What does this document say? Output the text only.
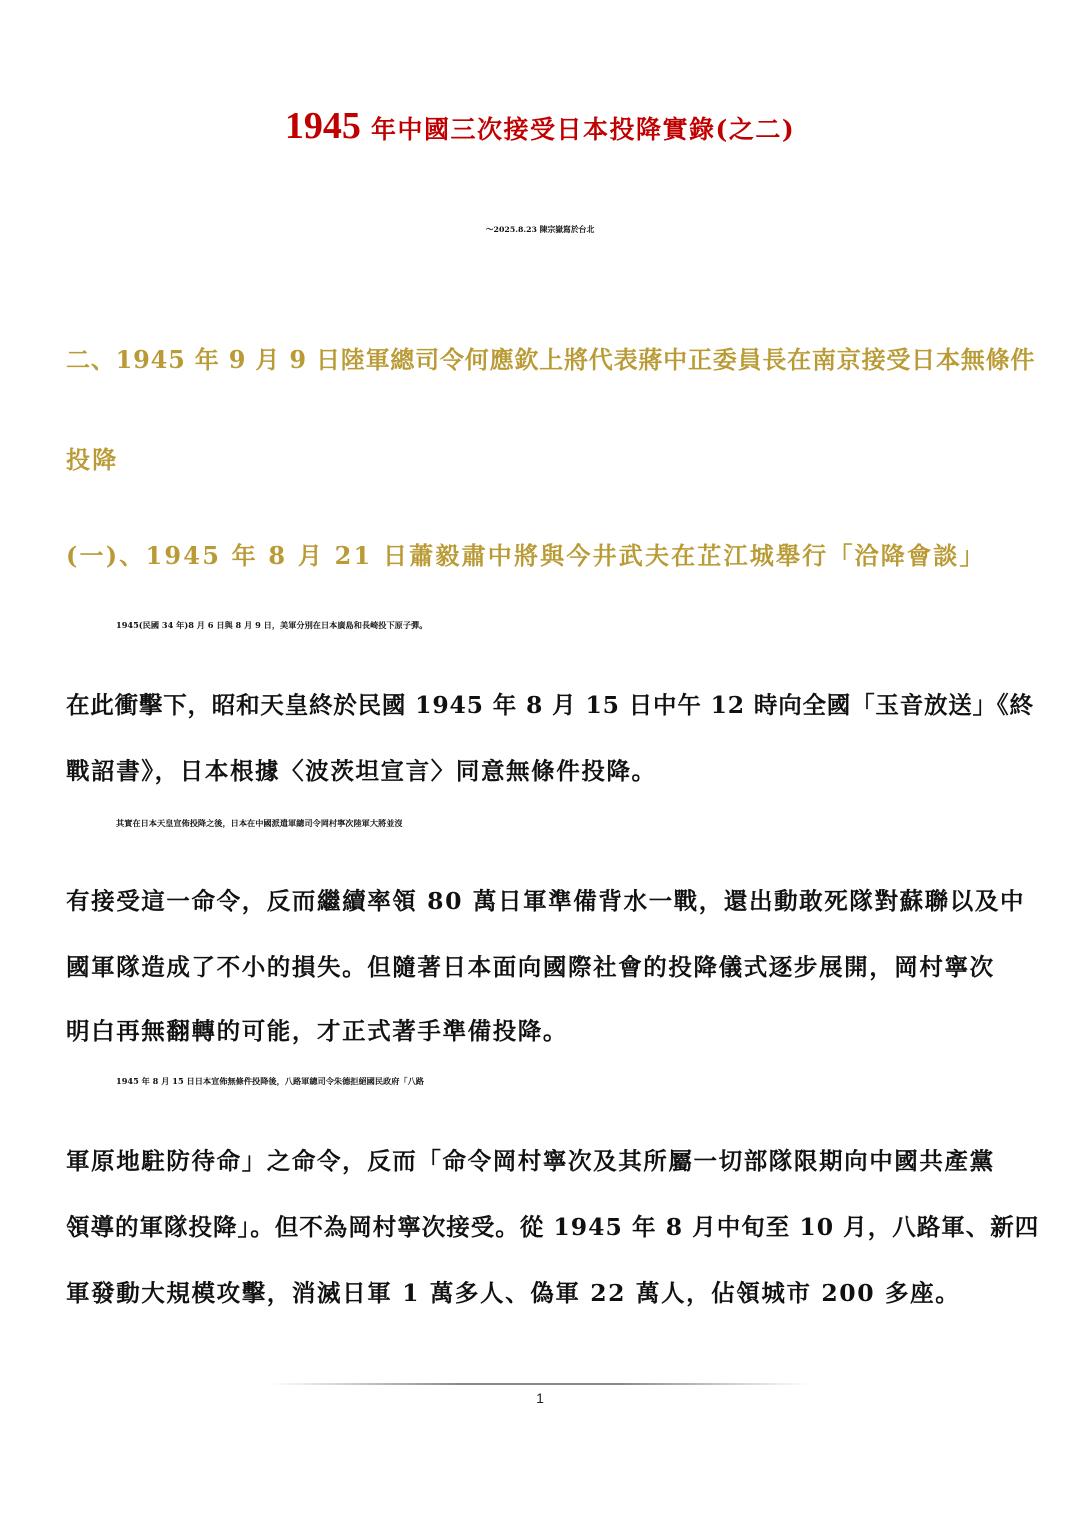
1945 年中國三次接受日本投降實錄(之二)
～2025.8.23 陳宗嶽寫於台北
二、1945 年 9 月 9 日陸軍總司令何應欽上將代表蔣中正委員長在南京接受日本無條件
投降
(一)、1945 年 8 月 21 日蕭毅肅中將與今井武夫在芷江城舉行「洽降會談」
1945(民國 34 年)8 月 6 日與 8 月 9 日，美軍分別在日本廣島和長崎投下原子彈。
在此衝擊下，昭和天皇終於民國 1945 年 8 月 15 日中午 12 時向全國「玉音放送」《終
戰詔書》，日本根據〈波茨坦宣言〉同意無條件投降。
其實在日本天皇宣佈投降之後，日本在中國派遣軍總司令岡村寧次陸軍大將並沒
有接受這一命令，反而繼續率領 80 萬日軍準備背水一戰，還出動敢死隊對蘇聯以及中
國軍隊造成了不小的損失。但隨著日本面向國際社會的投降儀式逐步展開，岡村寧次
明白再無翻轉的可能，才正式著手準備投降。
1945 年 8 月 15 日日本宣佈無條件投降後，八路軍總司令朱德拒絕國民政府「八路
軍原地駐防待命」之命令，反而「命令岡村寧次及其所屬一切部隊限期向中國共產黨
領導的軍隊投降」。但不為岡村寧次接受。從 1945 年 8 月中旬至 10 月，八路軍、新四
軍發動大規模攻擊，消滅日軍 1 萬多人、偽軍 22 萬人，佔領城市 200 多座。
1
